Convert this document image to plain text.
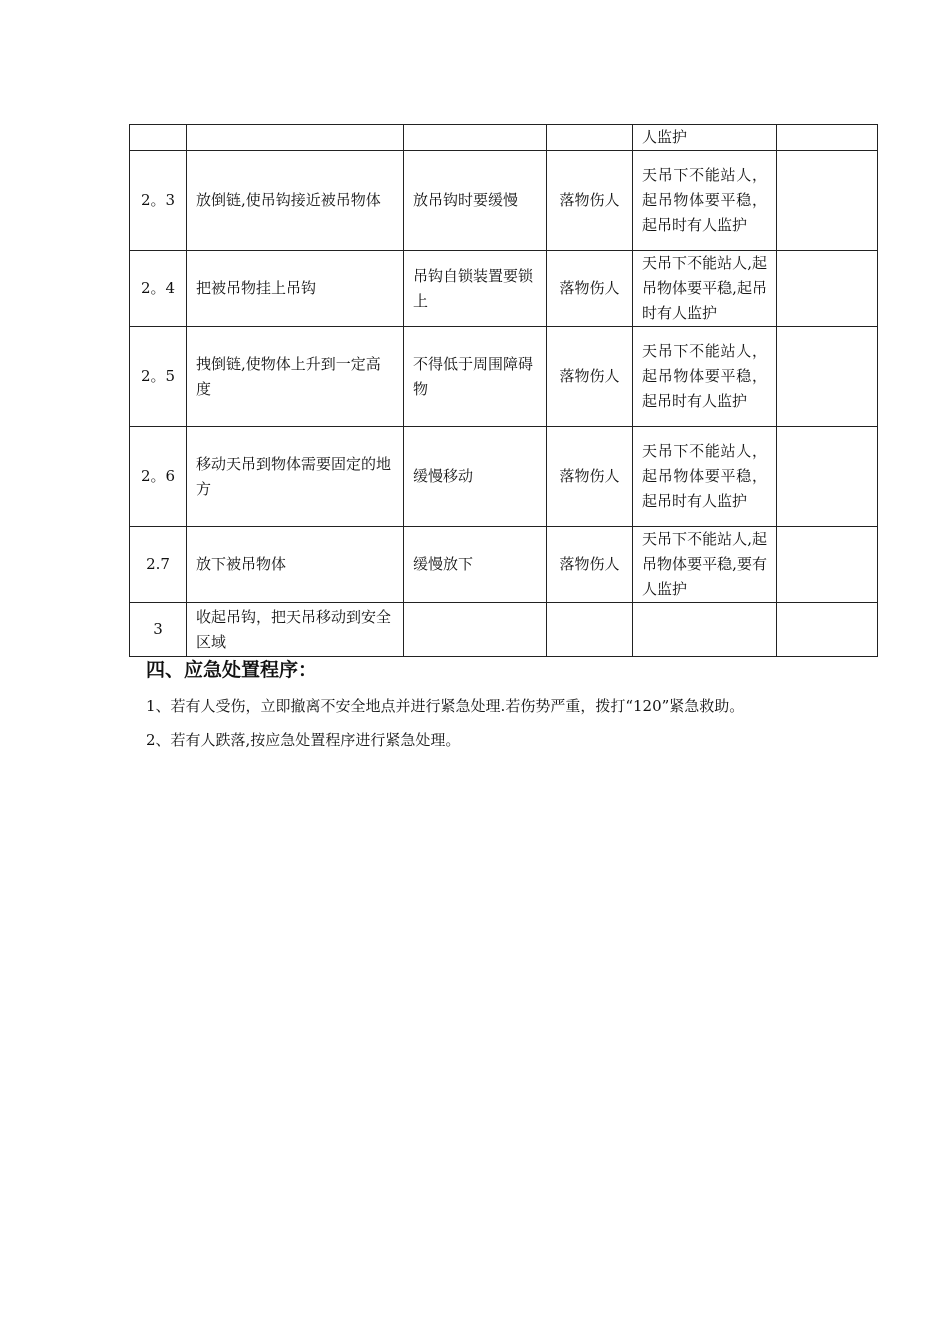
				人监护	
2。3	放倒链,使吊钩接近被吊物体	放吊钩时要缓慢	落物伤人	天吊下不能站人，起吊物体要平稳，起吊时有人监护	
2。4	把被吊物挂上吊钩	吊钩自锁装置要锁上	落物伤人	天吊下不能站人,起吊物体要平稳,起吊时有人监护	
2。5	拽倒链,使物体上升到一定高度	不得低于周围障碍物	落物伤人	天吊下不能站人，起吊物体要平稳，起吊时有人监护	
2。6	移动天吊到物体需要固定的地方	缓慢移动	落物伤人	天吊下不能站人，起吊物体要平稳，起吊时有人监护	
2.7	放下被吊物体	缓慢放下	落物伤人	天吊下不能站人,起吊物体要平稳,要有人监护	
3	收起吊钩，把天吊移动到安全区域				
四、应急处置程序：

1、若有人受伤，立即撤离不安全地点并进行紧急处理.若伤势严重，拨打“120”紧急救助。

2、若有人跌落,按应急处置程序进行紧急处理。
